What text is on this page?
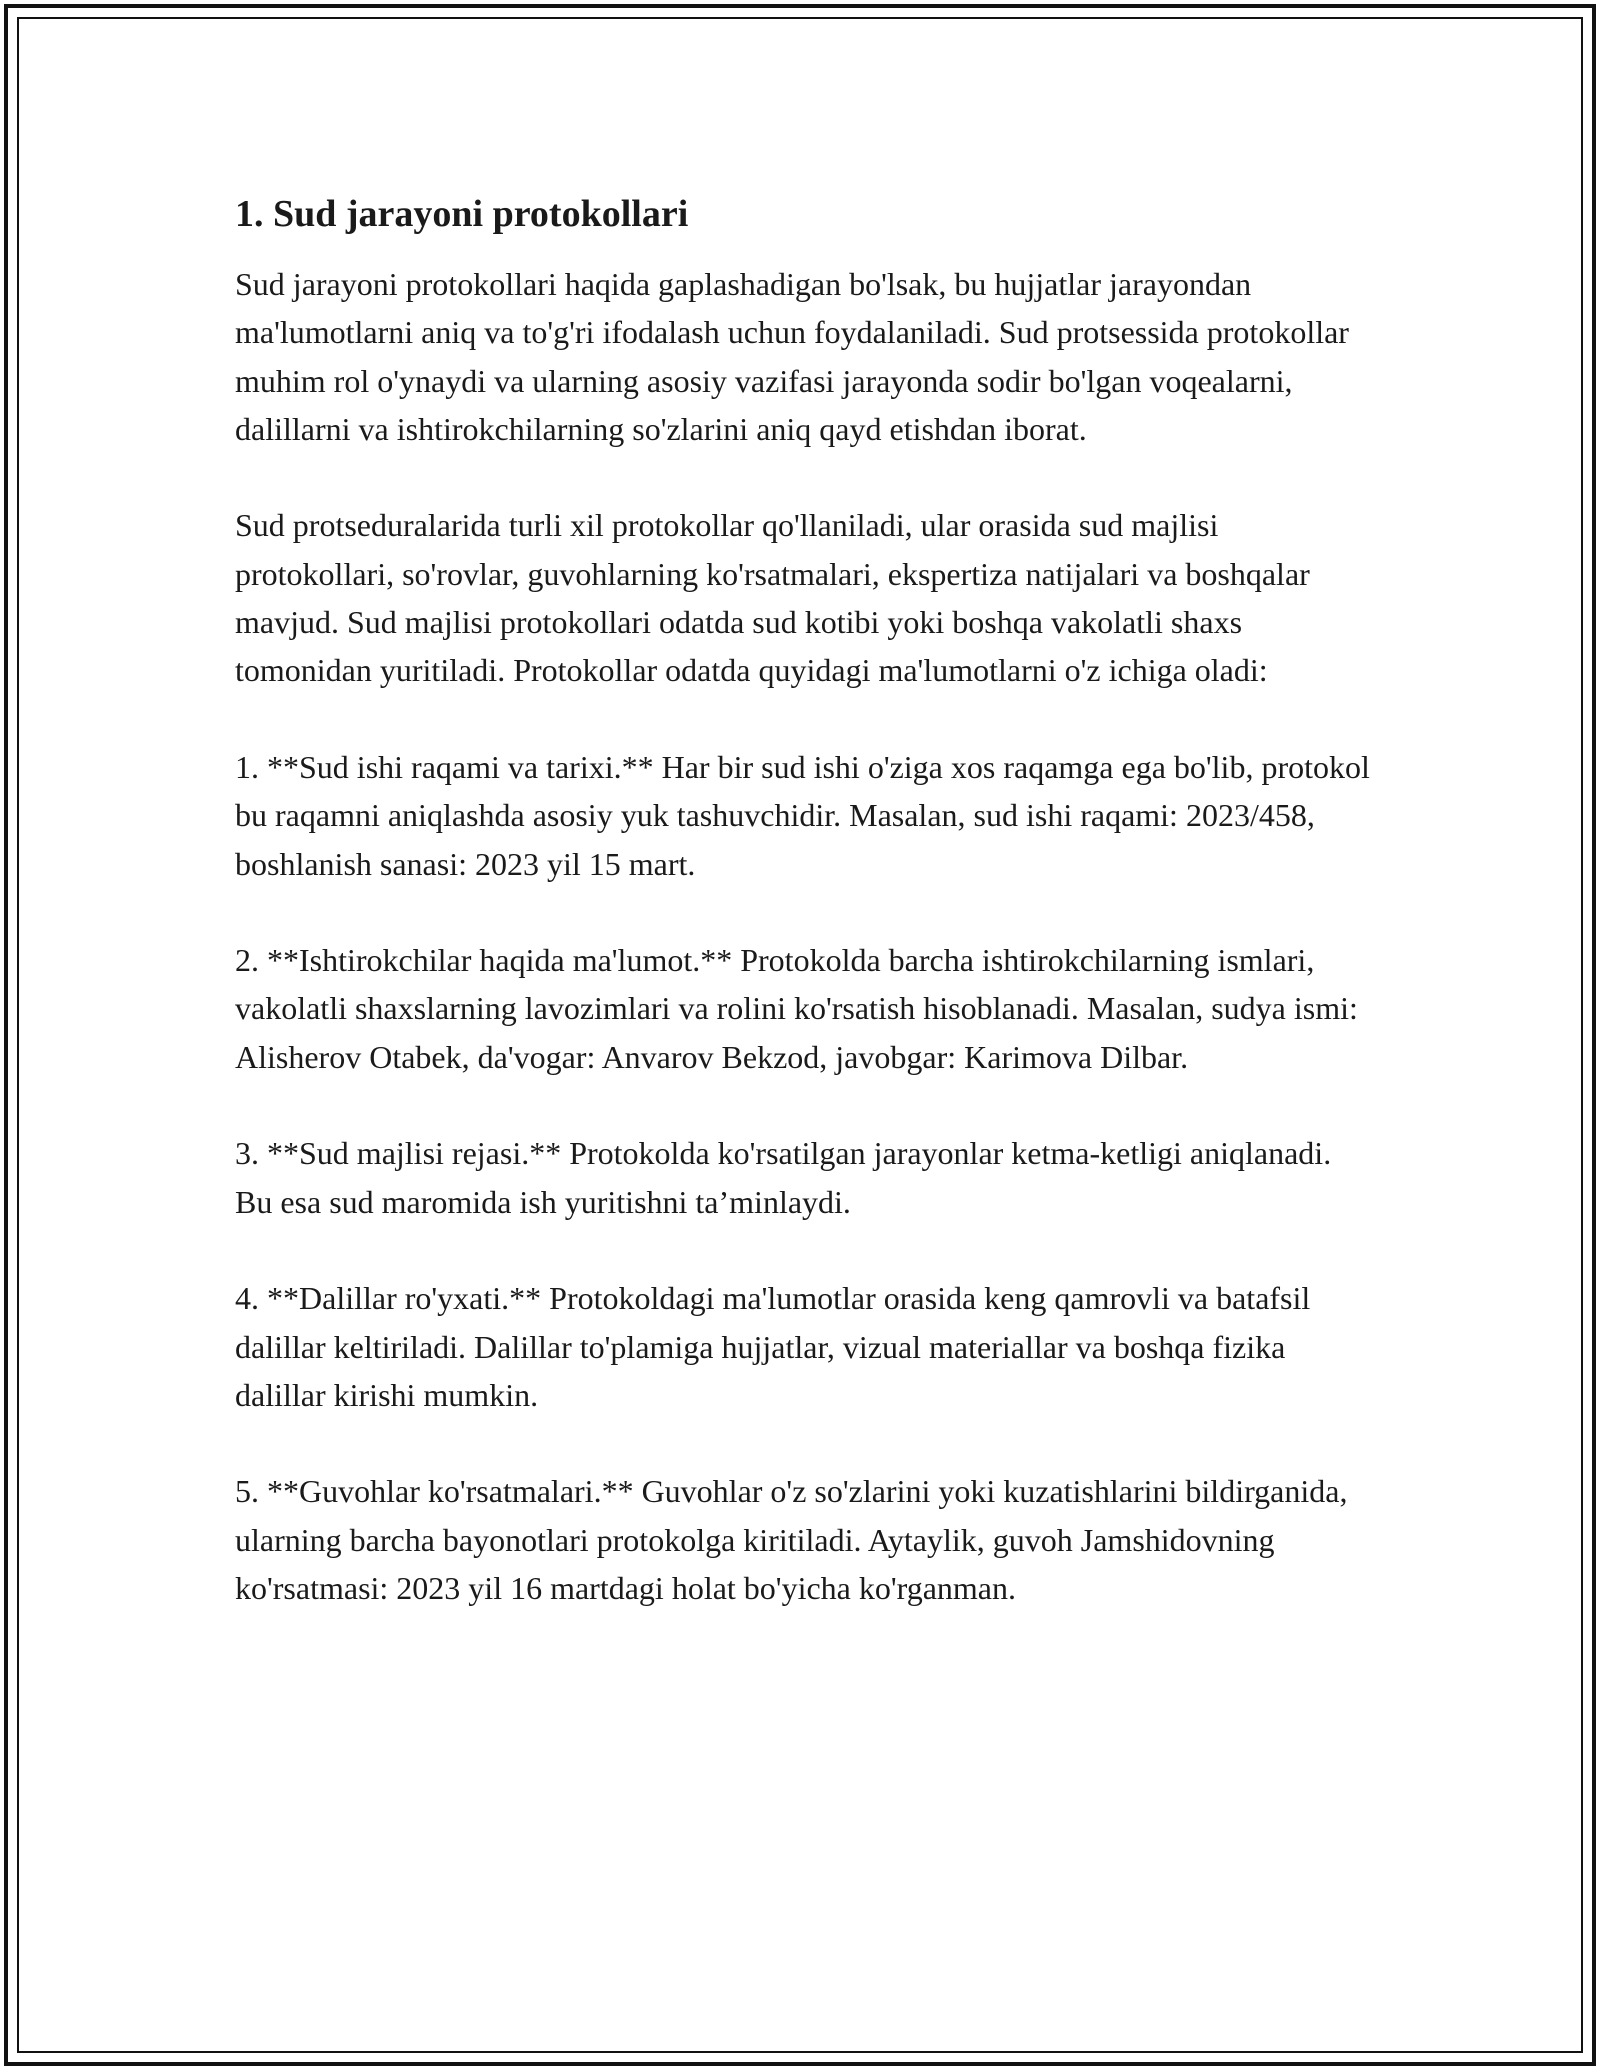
1. Sud jarayoni protokollari

Sud jarayoni protokollari haqida gaplashadigan bo'lsak, bu hujjatlar jarayondan ma'lumotlarni aniq va to'g'ri ifodalash uchun foydalaniladi. Sud protsessida protokollar muhim rol o'ynaydi va ularning asosiy vazifasi jarayonda sodir bo'lgan voqealarni, dalillarni va ishtirokchilarning so'zlarini aniq qayd etishdan iborat.

Sud protseduralarida turli xil protokollar qo'llaniladi, ular orasida sud majlisi protokollari, so'rovlar, guvohlarning ko'rsatmalari, ekspertiza natijalari va boshqalar mavjud. Sud majlisi protokollari odatda sud kotibi yoki boshqa vakolatli shaxs tomonidan yuritiladi. Protokollar odatda quyidagi ma'lumotlarni o'z ichiga oladi:

1. **Sud ishi raqami va tarixi.** Har bir sud ishi o'ziga xos raqamga ega bo'lib, protokol bu raqamni aniqlashda asosiy yuk tashuvchidir. Masalan, sud ishi raqami: 2023/458, boshlanish sanasi: 2023 yil 15 mart.

2. **Ishtirokchilar haqida ma'lumot.** Protokolda barcha ishtirokchilarning ismlari, vakolatli shaxslarning lavozimlari va rolini ko'rsatish hisoblanadi. Masalan, sudya ismi: Alisherov Otabek, da'vogar: Anvarov Bekzod, javobgar: Karimova Dilbar.

3. **Sud majlisi rejasi.** Protokolda ko'rsatilgan jarayonlar ketma-ketligi aniqlanadi. Bu esa sud maromida ish yuritishni ta’minlaydi.

4. **Dalillar ro'yxati.** Protokoldagi ma'lumotlar orasida keng qamrovli va batafsil dalillar keltiriladi. Dalillar to'plamiga hujjatlar, vizual materiallar va boshqa fizika dalillar kirishi mumkin.

5. **Guvohlar ko'rsatmalari.** Guvohlar o'z so'zlarini yoki kuzatishlarini bildirganida, ularning barcha bayonotlari protokolga kiritiladi. Aytaylik, guvoh Jamshidovning ko'rsatmasi: 2023 yil 16 martdagi holat bo'yicha ko'rganman.
